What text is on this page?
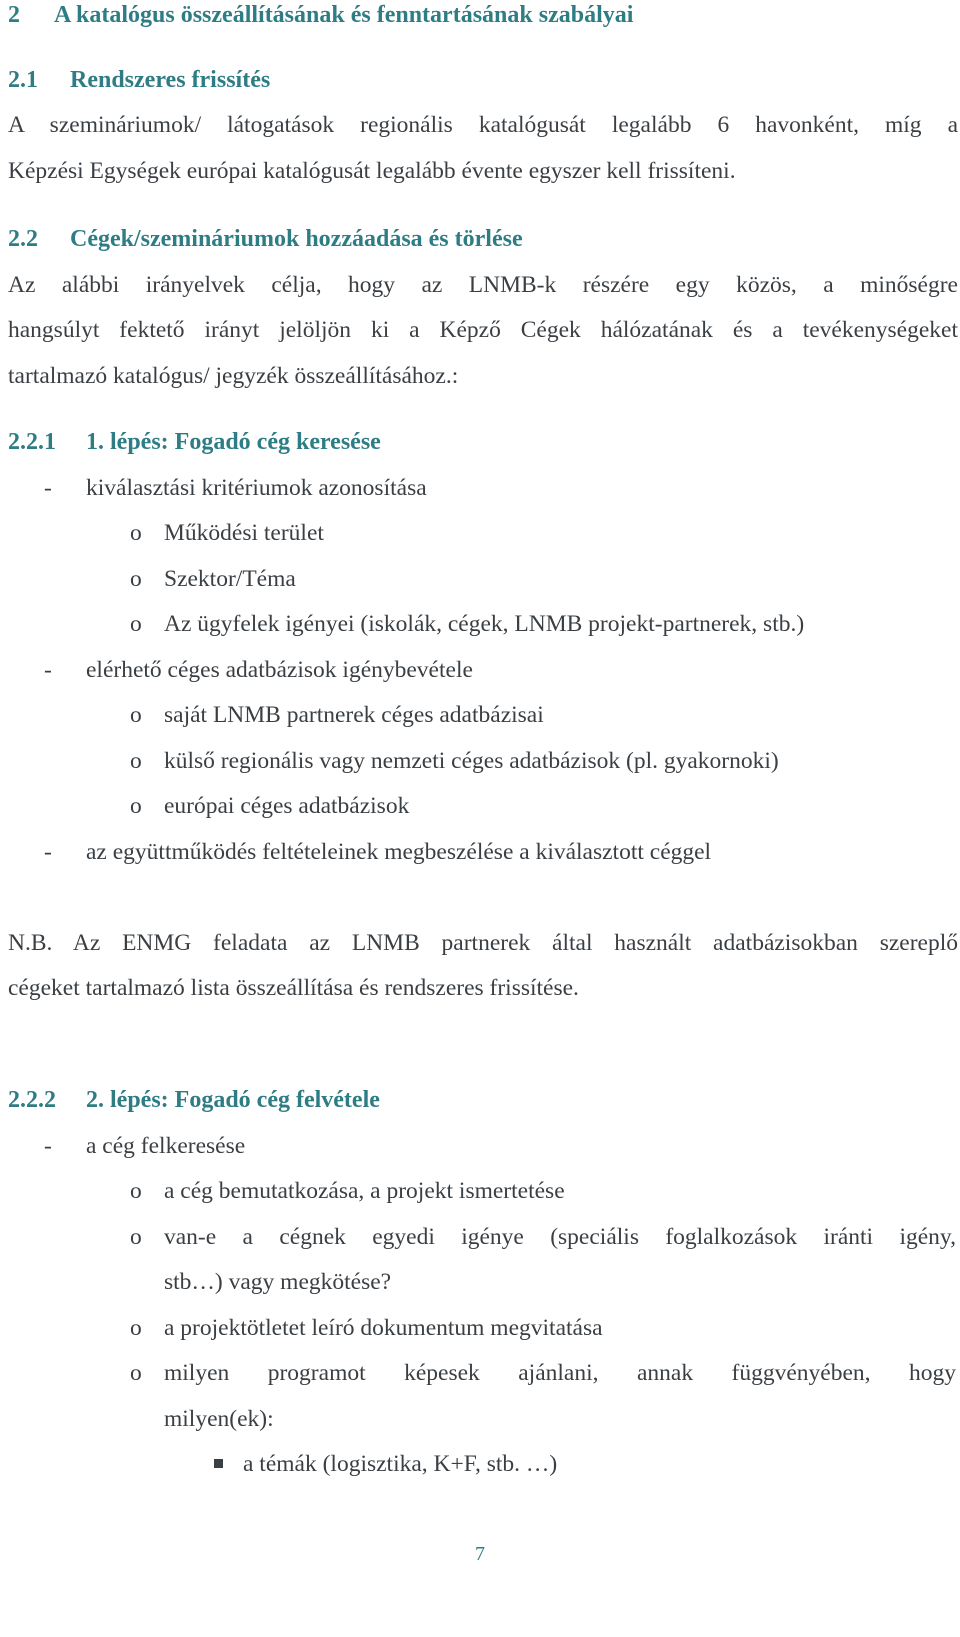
2 A katalógus összeállításának és fenntartásának szabályai
2.1 Rendszeres frissítés
A szemináriumok/ látogatások regionális katalógusát legalább 6 havonként, míg a
Képzési Egységek európai katalógusát legalább évente egyszer kell frissíteni.
2.2 Cégek/szemináriumok hozzáadása és törlése
Az alábbi irányelvek célja, hogy az LNMB-k részére egy közös, a minőségre
hangsúlyt fektető irányt jelöljön ki a Képző Cégek hálózatának és a tevékenységeket
tartalmazó katalógus/ jegyzék összeállításához.:
2.2.1 1. lépés: Fogadó cég keresése
- kiválasztási kritériumok azonosítása
o Működési terület
o Szektor/Téma
o Az ügyfelek igényei (iskolák, cégek, LNMB projekt-partnerek, stb.)
- elérhető céges adatbázisok igénybevétele
o saját LNMB partnerek céges adatbázisai
o külső regionális vagy nemzeti céges adatbázisok (pl. gyakornoki)
o európai céges adatbázisok
- az együttműködés feltételeinek megbeszélése a kiválasztott céggel
N.B. Az ENMG feladata az LNMB partnerek által használt adatbázisokban szereplő
cégeket tartalmazó lista összeállítása és rendszeres frissítése.
2.2.2 2. lépés: Fogadó cég felvétele
- a cég felkeresése
o a cég bemutatkozása, a projekt ismertetése
o van-e a cégnek egyedi igénye (speciális foglalkozások iránti igény,
stb…) vagy megkötése?
o a projektötletet leíró dokumentum megvitatása
o milyen programot képesek ajánlani, annak függvényében, hogy
milyen(ek):
a témák (logisztika, K+F, stb. …)
7
